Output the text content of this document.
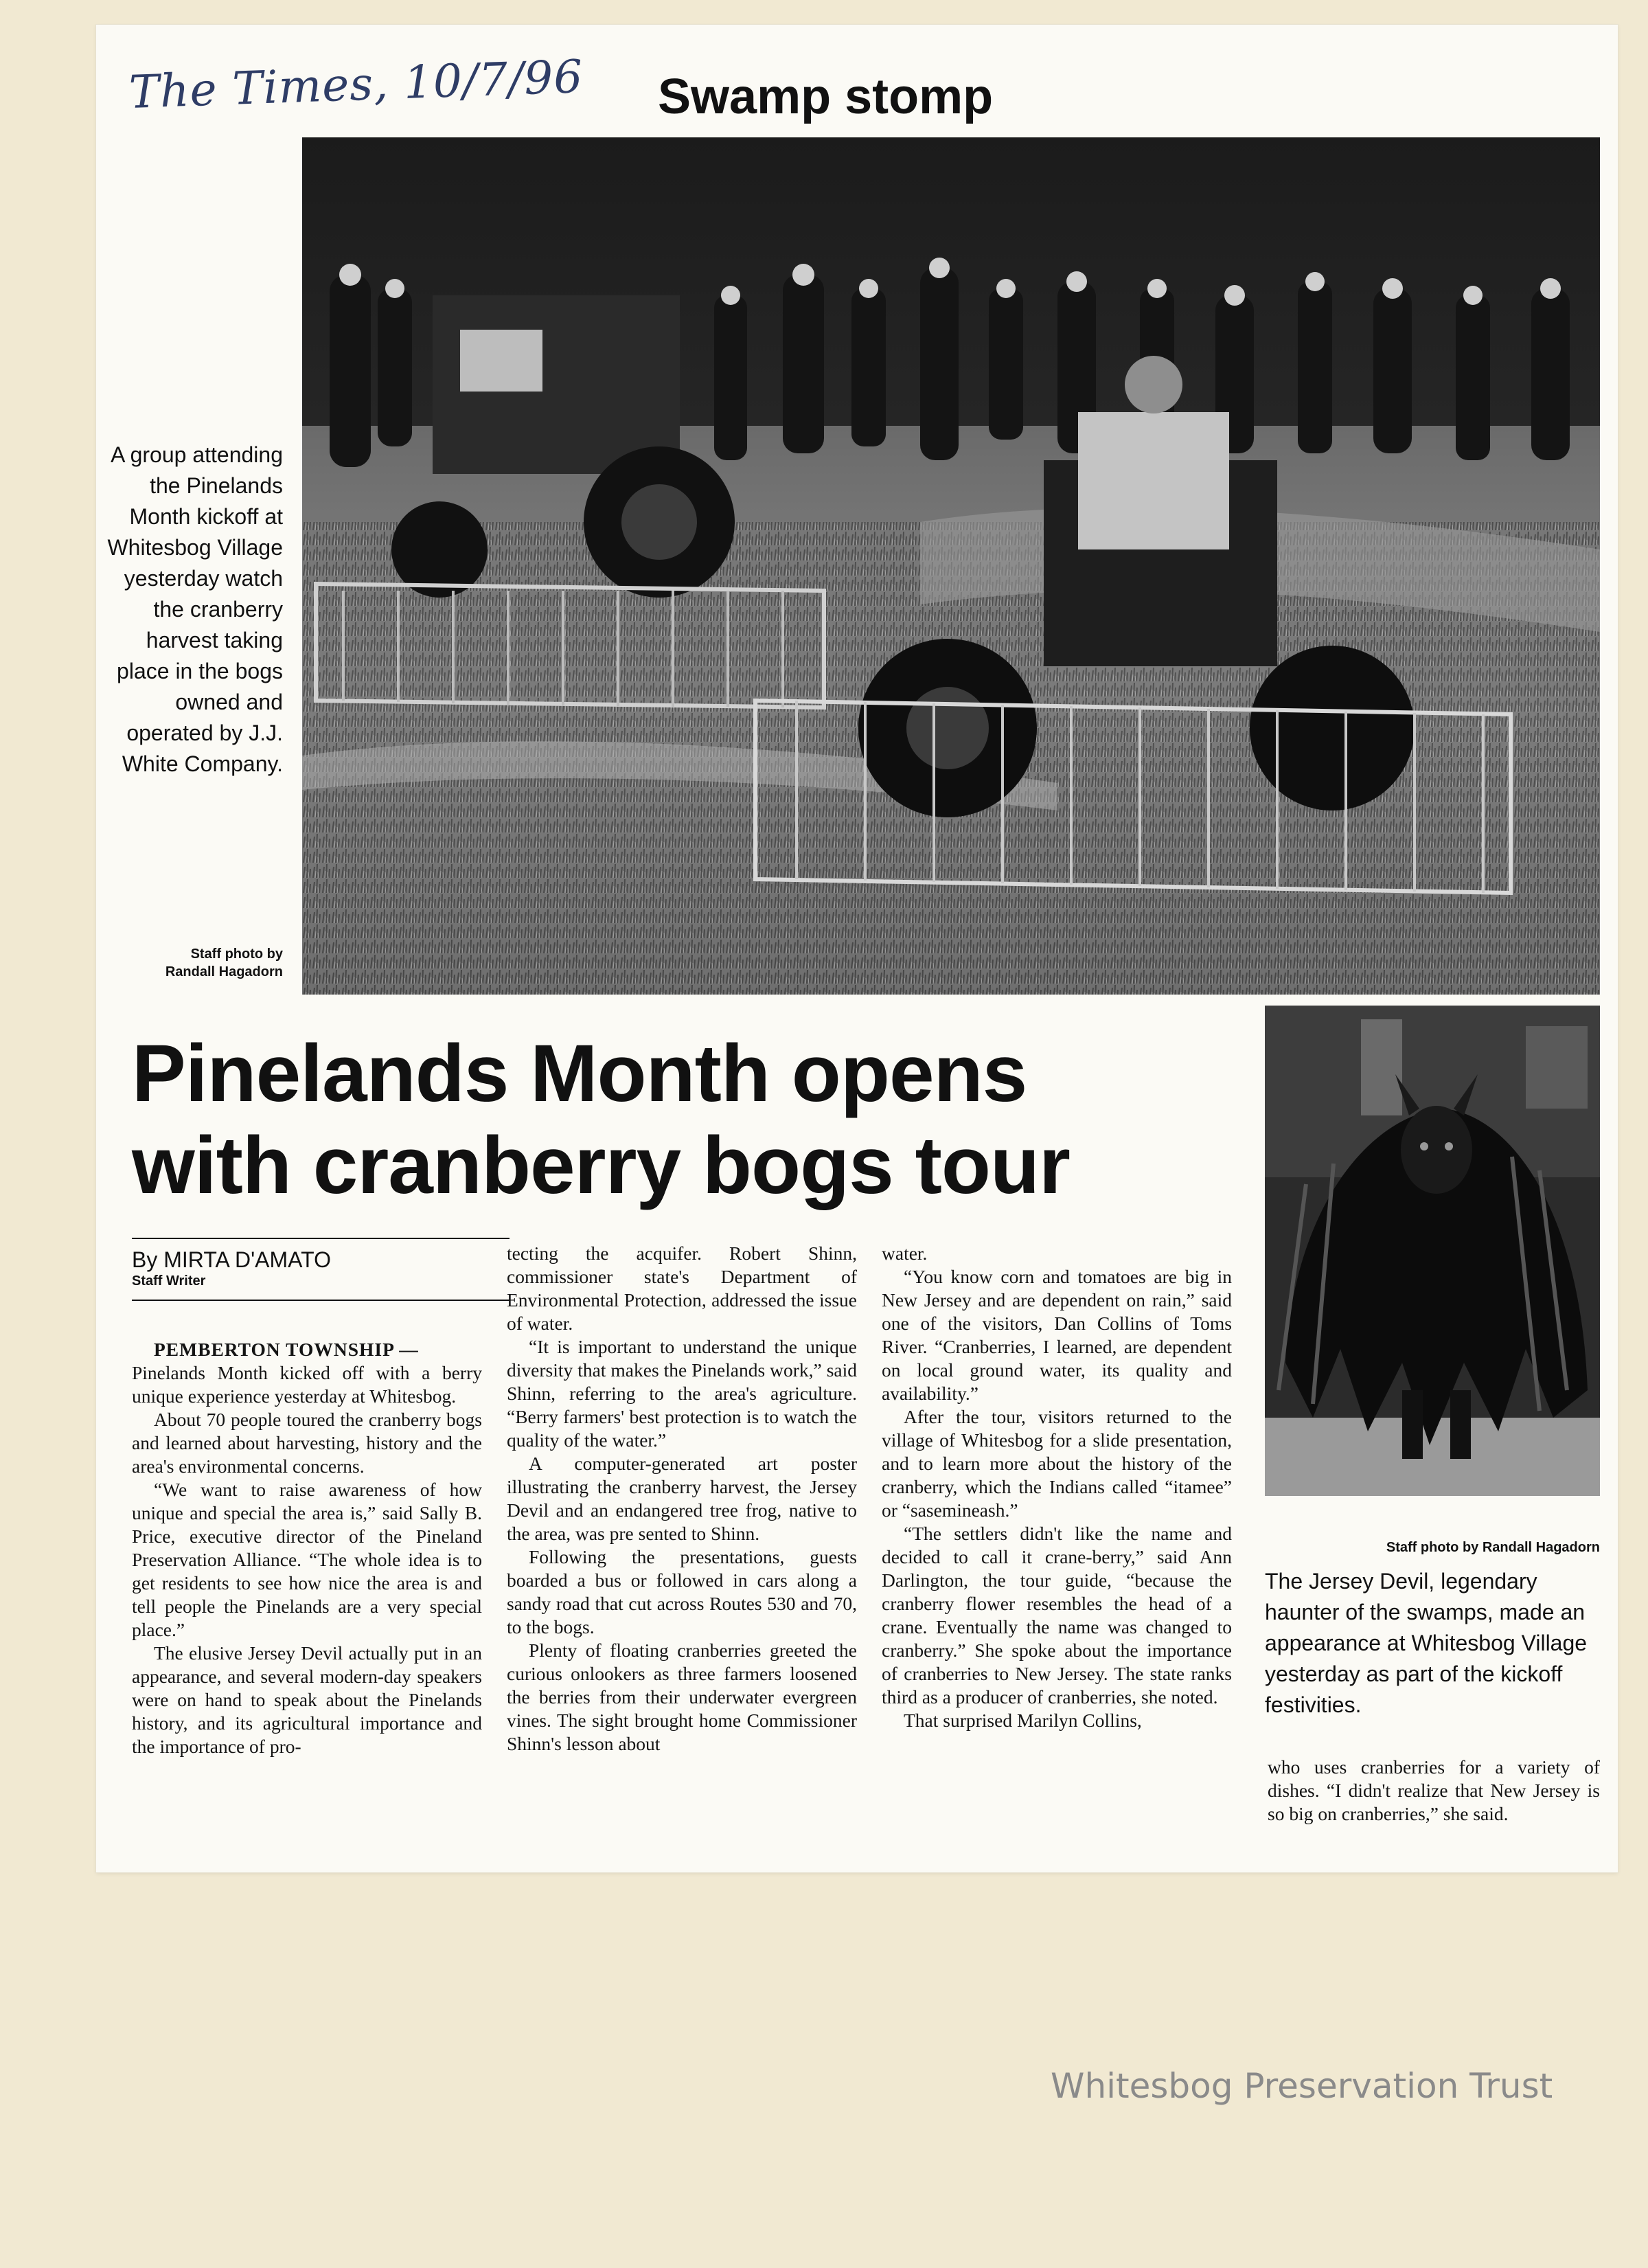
The Times, 10/7/96 Swamp stomp
A group attending the Pinelands Month kickoff at Whitesbog Village yesterday watch the cranberry harvest taking place in the bogs owned and operated by J.J. White Company.
Staff photo by
Randall Hagadorn
Pinelands Month opens
with cranberry bogs tour
Staff photo by Randall Hagadorn
The Jersey Devil, legendary haunter of the swamps, made an appearance at Whitesbog Village yesterday as part of the kickoff festivities.
By MIRTA D'AMATO
Staff Writer

PEMBERTON TOWNSHIP —

Pinelands Month kicked off with a berry unique experience yesterday at Whitesbog.

About 70 people toured the cranberry bogs and learned about harvesting, history and the area's environmental concerns.

“We want to raise awareness of how unique and special the area is,” said Sally B. Price, executive director of the Pineland Preservation Alliance. “The whole idea is to get residents to see how nice the area is and tell people the Pinelands are a very special place.”

The elusive Jersey Devil actually put in an appearance, and several modern-day speakers were on hand to speak about the Pinelands history, and its agricultural importance and the importance of pro-

tecting the acquifer. Robert Shinn, commissioner state's Department of Environmental Protection, addressed the issue of water.

“It is important to understand the unique diversity that makes the Pinelands work,” said Shinn, referring to the area's agriculture. “Berry farmers' best protection is to watch the quality of the water.”

A computer-generated art poster illustrating the cranberry harvest, the Jersey Devil and an endangered tree frog, native to the area, was pre sented to Shinn.

Following the presentations, guests boarded a bus or followed in cars along a sandy road that cut across Routes 530 and 70, to the bogs.

Plenty of floating cranberries greeted the curious onlookers as three farmers loosened the berries from their underwater evergreen vines. The sight brought home Commissioner Shinn's lesson about

water.

“You know corn and tomatoes are big in New Jersey and are dependent on rain,” said one of the visitors, Dan Collins of Toms River. “Cranberries, I learned, are dependent on local ground water, its quality and availability.”

After the tour, visitors returned to the village of Whitesbog for a slide presentation, and to learn more about the history of the cranberry, which the Indians called “itamee” or “sasemineash.”

“The settlers didn't like the name and decided to call it crane-berry,” said Ann Darlington, the tour guide, “because the cranberry flower resembles the head of a crane. Eventually the name was changed to cranberry.” She spoke about the importance of cranberries to New Jersey. The state ranks third as a producer of cranberries, she noted.

That surprised Marilyn Collins,

who uses cranberries for a variety of dishes. “I didn't realize that New Jersey is so big on cranberries,” she said.

Whitesbog Preservation Trust
